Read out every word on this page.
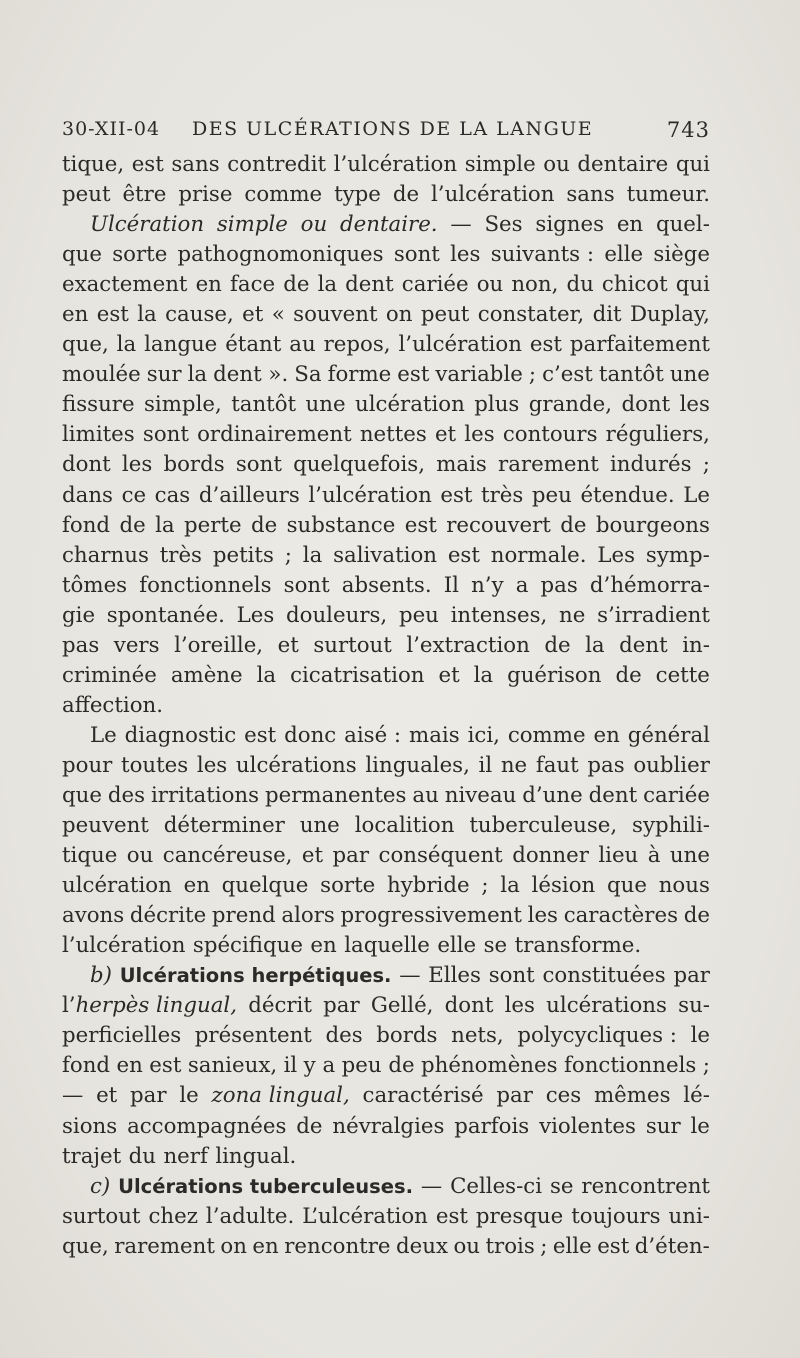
30-XII-04 DES ULCÉRATIONS DE LA LANGUE	743
tique, est sans contredit l’ulcération simple ou dentaire qui
peut être prise comme type de l’ulcération sans tumeur.
Ulcération simple ou dentaire. — Ses signes en quel-
que sorte pathognomoniques sont les suivants : elle siège
exactement en face de la dent cariée ou non, du chicot qui
en est la cause, et « souvent on peut constater, dit Duplay,
que, la langue étant au repos, l’ulcération est parfaitement
moulée sur la dent ». Sa forme est variable ; c’est tantôt une
fissure simple, tantôt une ulcération plus grande, dont les
limites sont ordinairement nettes et les contours réguliers,
dont les bords sont quelquefois, mais rarement indurés ;
dans ce cas d’ailleurs l’ulcération est très peu étendue. Le
fond de la perte de substance est recouvert de bourgeons
charnus très petits ; la salivation est normale. Les symp-
tômes fonctionnels sont absents. Il n’y a pas d’hémorra-
gie spontanée. Les douleurs, peu intenses, ne s’irradient
pas vers l’oreille, et surtout l’extraction de la dent in-
criminée amène la cicatrisation et la guérison de cette
affection.
Le diagnostic est donc aisé : mais ici, comme en général
pour toutes les ulcérations linguales, il ne faut pas oublier
que des irritations permanentes au niveau d’une dent cariée
peuvent déterminer une localition tuberculeuse, syphili-
tique ou cancéreuse, et par conséquent donner lieu à une
ulcération en quelque sorte hybride ; la lésion que nous
avons décrite prend alors progressivement les caractères de
l’ulcération spécifique en laquelle elle se transforme.
b) Ulcérations herpétiques. — Elles sont constituées par
l’herpès lingual, décrit par Gellé, dont les ulcérations su-
perficielles présentent des bords nets, polycycliques : le
fond en est sanieux, il y a peu de phénomènes fonctionnels ;
— et par le zona lingual, caractérisé par ces mêmes lé-
sions accompagnées de névralgies parfois violentes sur le
trajet du nerf lingual.
c) Ulcérations tuberculeuses. — Celles-ci se rencontrent
surtout chez l’adulte. L’ulcération est presque toujours uni-
que, rarement on en rencontre deux ou trois ; elle est d’éten-
